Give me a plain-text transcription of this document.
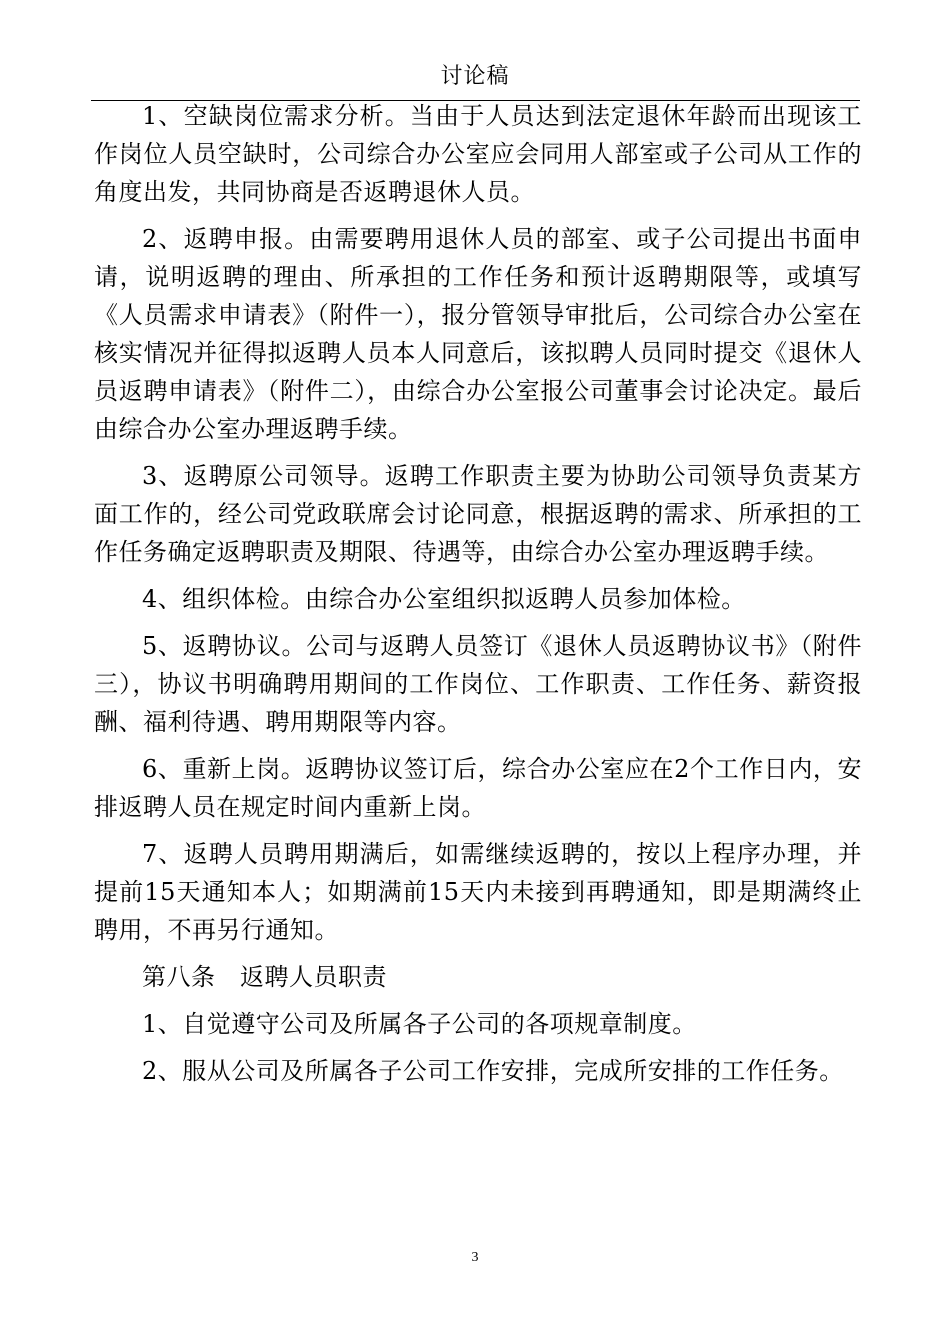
讨论稿

1、空缺岗位需求分析。当由于人员达到法定退休年龄而出现该工作岗位人员空缺时，公司综合办公室应会同用人部室或子公司从工作的角度出发，共同协商是否返聘退休人员。

2、返聘申报。由需要聘用退休人员的部室、或子公司提出书面申请，说明返聘的理由、所承担的工作任务和预计返聘期限等，或填写《人员需求申请表》（附件一），报分管领导审批后，公司综合办公室在核实情况并征得拟返聘人员本人同意后，该拟聘人员同时提交《退休人员返聘申请表》（附件二），由综合办公室报公司董事会讨论决定。最后由综合办公室办理返聘手续。

3、返聘原公司领导。返聘工作职责主要为协助公司领导负责某方面工作的，经公司党政联席会讨论同意，根据返聘的需求、所承担的工作任务确定返聘职责及期限、待遇等，由综合办公室办理返聘手续。

4、组织体检。由综合办公室组织拟返聘人员参加体检。

5、返聘协议。公司与返聘人员签订《退休人员返聘协议书》（附件三），协议书明确聘用期间的工作岗位、工作职责、工作任务、薪资报酬、福利待遇、聘用期限等内容。

6、重新上岗。返聘协议签订后，综合办公室应在2个工作日内，安排返聘人员在规定时间内重新上岗。

7、返聘人员聘用期满后，如需继续返聘的，按以上程序办理，并提前15天通知本人；如期满前15天内未接到再聘通知，即是期满终止聘用，不再另行通知。

第八条　返聘人员职责

1、自觉遵守公司及所属各子公司的各项规章制度。

2、服从公司及所属各子公司工作安排，完成所安排的工作任务。

3
